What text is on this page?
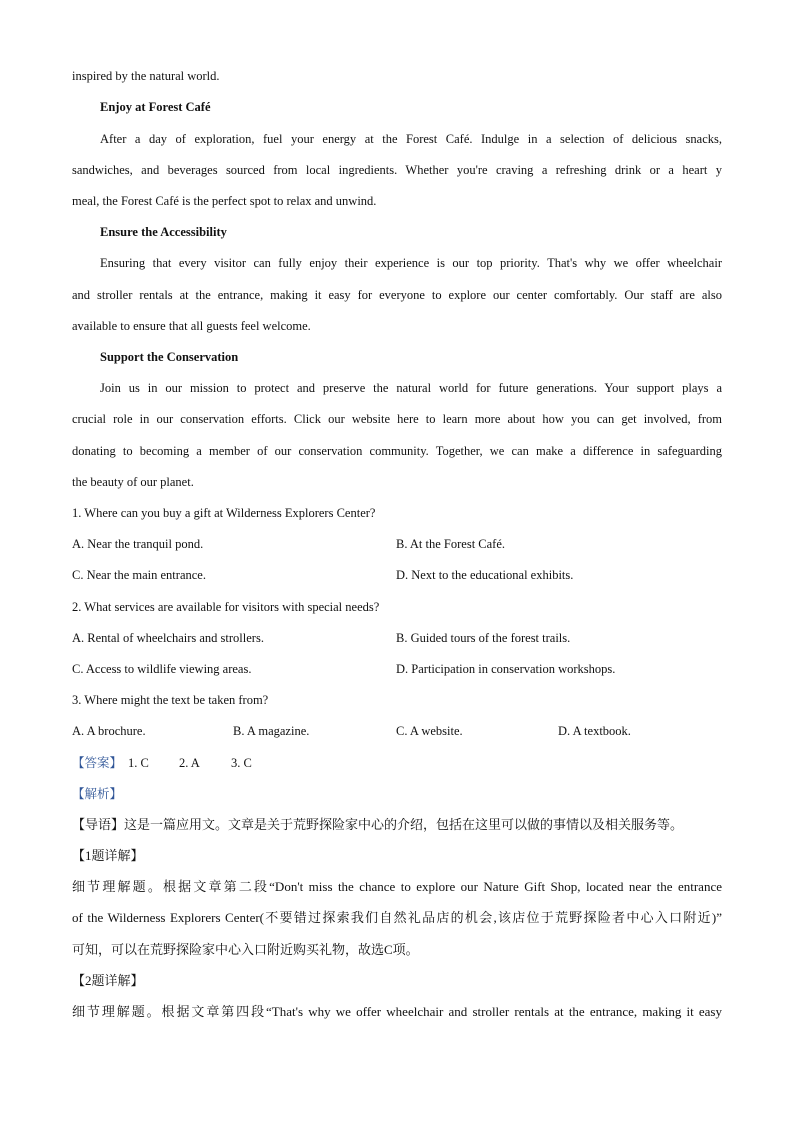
inspired by the natural world.
Enjoy at Forest Café
After a day of exploration, fuel your energy at the Forest Café. Indulge in a selection of delicious snacks,
sandwiches, and beverages sourced from local ingredients. Whether you're craving a refreshing drink or a heart y
meal, the Forest Café is the perfect spot to relax and unwind.
Ensure the Accessibility
Ensuring that every visitor can fully enjoy their experience is our top priority. That's why we offer wheelchair
and stroller rentals at the entrance, making it easy for everyone to explore our center comfortably. Our staff are also
available to ensure that all guests feel welcome.
Support the Conservation
Join us in our mission to protect and preserve the natural world for future generations. Your support plays a
crucial role in our conservation efforts. Click our website here to learn more about how you can get involved, from
donating to becoming a member of our conservation community. Together, we can make a difference in safeguarding
the beauty of our planet.
1. Where can you buy a gift at Wilderness Explorers Center?
A. Near the tranquil pond.	B. At the Forest Café.
C. Near the main entrance.	D. Next to the educational exhibits.
2. What services are available for visitors with special needs?
A. Rental of wheelchairs and strollers.	B. Guided tours of the forest trails.
C. Access to wildlife viewing areas.	D. Participation in conservation workshops.
3. Where might the text be taken from?
A. A brochure.	B. A magazine.	C. A website.	D. A textbook.
【答案】 1. C	2. A	3. C
【解析】
【导语】这是一篇应用文。文章是关于荒野探险家中心的介绍，包括在这里可以做的事情以及相关服务等。
【1题详解】
细节理解题。根据文章第二段“Don't miss the chance to explore our Nature Gift Shop, located near the entrance
of the Wilderness Explorers Center(不要错过探索我们自然礼品店的机会,该店位于荒野探险者中心入口附近)”
可知，可以在荒野探险家中心入口附近购买礼物，故选C项。
【2题详解】
细节理解题。根据文章第四段“That's why we offer wheelchair and stroller rentals at the entrance, making it easy
